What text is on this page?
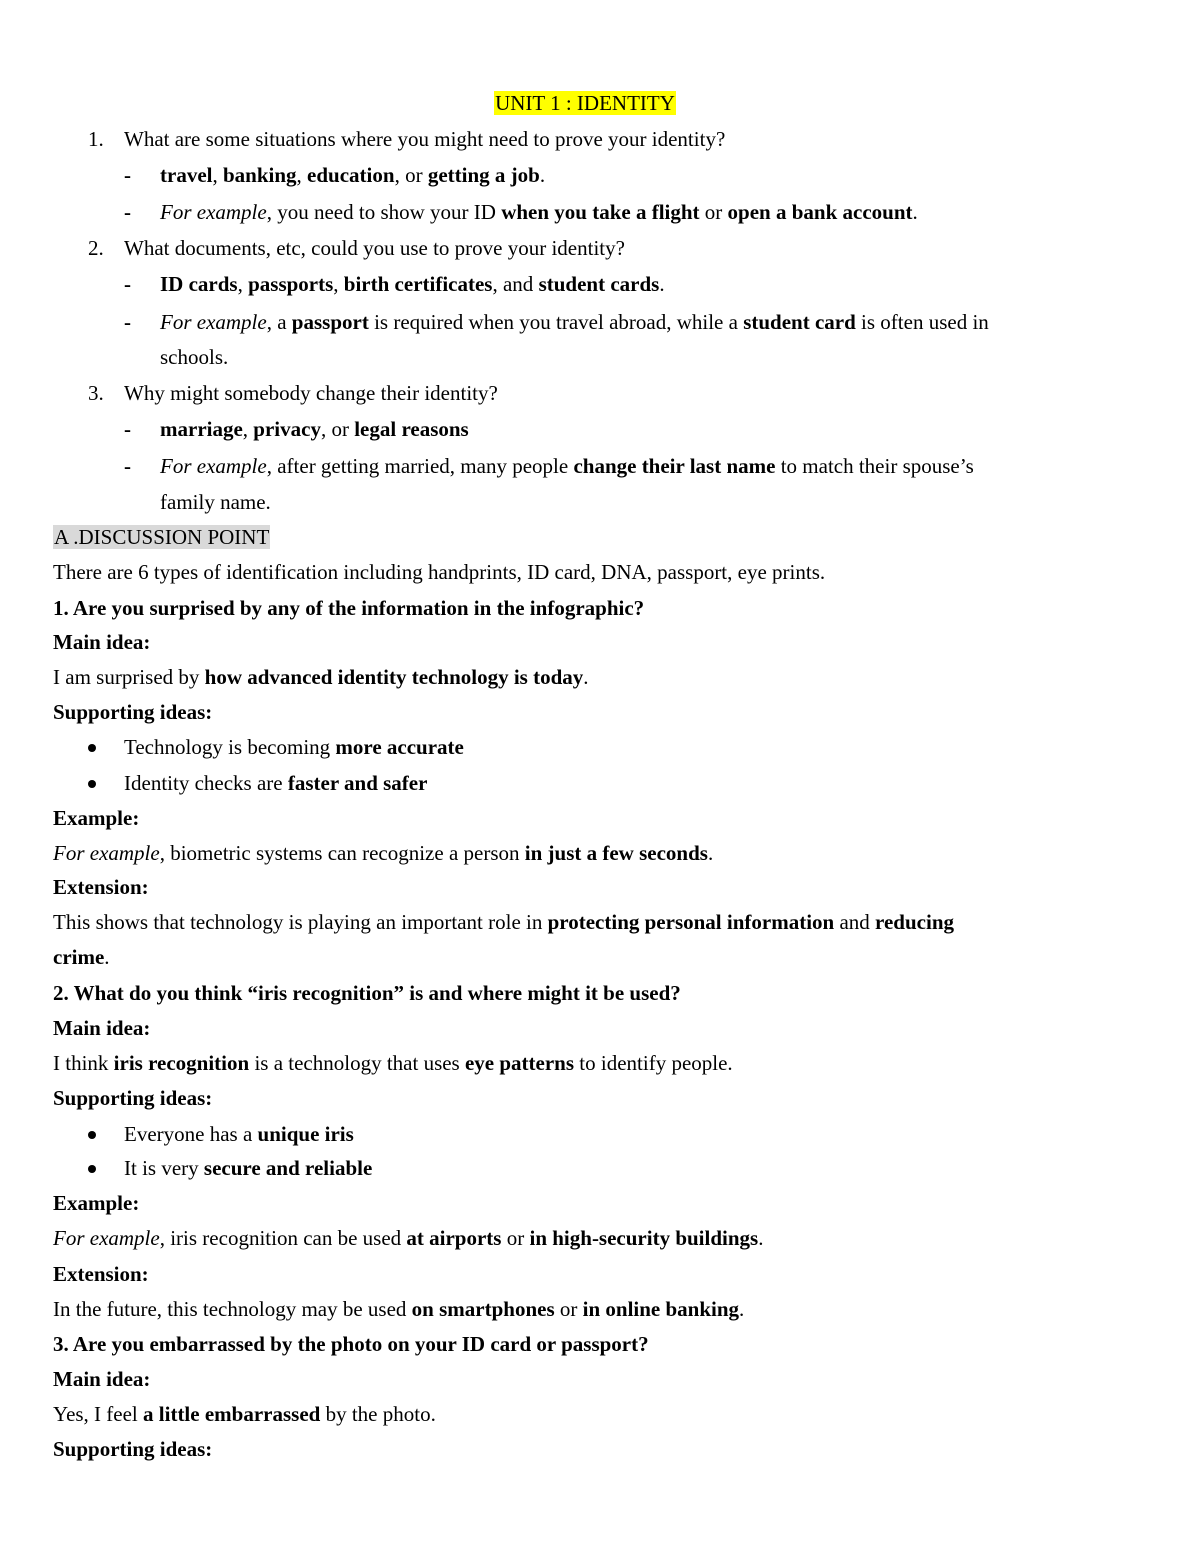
UNIT 1 : IDENTITY
1. What are some situations where you might need to prove your identity?
- travel, banking, education, or getting a job.
- For example, you need to show your ID when you take a flight or open a bank account.
2. What documents, etc, could you use to prove your identity?
- ID cards, passports, birth certificates, and student cards.
- For example, a passport is required when you travel abroad, while a student card is often used in
schools.
3. Why might somebody change their identity?
- marriage, privacy, or legal reasons
- For example, after getting married, many people change their last name to match their spouse’s
family name.
A .DISCUSSION POINT
There are 6 types of identification including handprints, ID card, DNA, passport, eye prints.
1. Are you surprised by any of the information in the infographic?
Main idea:
I am surprised by how advanced identity technology is today.
Supporting ideas:
Technology is becoming more accurate
Identity checks are faster and safer
Example:
For example, biometric systems can recognize a person in just a few seconds.
Extension:
This shows that technology is playing an important role in protecting personal information and reducing
crime.
2. What do you think “iris recognition” is and where might it be used?
Main idea:
I think iris recognition is a technology that uses eye patterns to identify people.
Supporting ideas:
Everyone has a unique iris
It is very secure and reliable
Example:
For example, iris recognition can be used at airports or in high-security buildings.
Extension:
In the future, this technology may be used on smartphones or in online banking.
3. Are you embarrassed by the photo on your ID card or passport?
Main idea:
Yes, I feel a little embarrassed by the photo.
Supporting ideas:
